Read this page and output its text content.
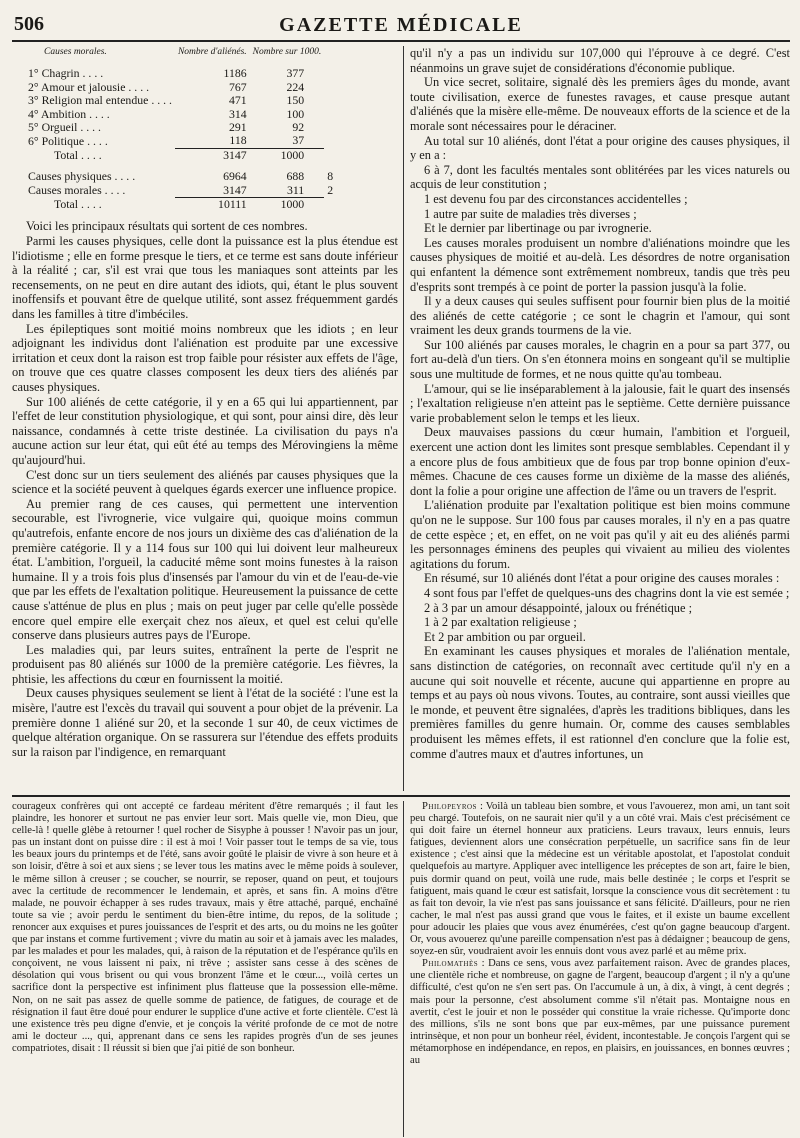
506	GAZETTE MÉDICALE
Causes morales.	Nombre d'aliénés.	Nombre sur 1000.	

1° Chagrin . . . .	1186	377	
2° Amour et jalousie . . . .	767	224	
3° Religion mal entendue . . . .	471	150	
4° Ambition . . . .	314	100	
5° Orgueil . . . .	291	92	
6° Politique . . . .	118	37	
Total . . . .	3147	1000	

Causes physiques . . . .	6964	688	8
Causes morales . . . .	3147	311	2
Total . . . .	10111	1000	

Voici les principaux résultats qui sortent de ces nombres.

Parmi les causes physiques, celle dont la puissance est la plus étendue est l'idiotisme ; elle en forme presque le tiers, et ce terme est sans doute inférieur à la réalité ; car, s'il est vrai que tous les maniaques sont atteints par les recensements, on ne peut en dire autant des idiots, qui, étant le plus souvent inoffensifs et pouvant être de quelque utilité, sont assez fréquemment gardés dans les familles à titre d'imbéciles.

Les épileptiques sont moitié moins nombreux que les idiots ; en leur adjoignant les individus dont l'aliénation est produite par une excessive irritation et ceux dont la raison est trop faible pour résister aux effets de l'âge, on trouve que ces quatre classes composent les deux tiers des aliénés par causes physiques.

Sur 100 aliénés de cette catégorie, il y en a 65 qui lui appartiennent, par l'effet de leur constitution physiologique, et qui sont, pour ainsi dire, dès leur naissance, condamnés à cette triste destinée. La civilisation du pays n'a aucune action sur leur état, qui eût été au temps des Mérovingiens la même qu'aujourd'hui.

C'est donc sur un tiers seulement des aliénés par causes physiques que la science et la société peuvent à quelques égards exercer une influence propice.

Au premier rang de ces causes, qui permettent une intervention secourable, est l'ivrognerie, vice vulgaire qui, quoique moins commun qu'autrefois, enfante encore de nos jours un dixième des cas d'aliénation de la première catégorie. Il y a 114 fous sur 100 qui lui doivent leur malheureux état. L'ambition, l'orgueil, la caducité même sont moins funestes à la raison humaine. Il y a trois fois plus d'insensés par l'amour du vin et de l'eau-de-vie que par les effets de l'exaltation politique. Heureusement la puissance de cette cause s'atténue de plus en plus ; mais on peut juger par celle qu'elle possède encore quel empire elle exerçait chez nos aïeux, et quel est celui qu'elle conserve dans plusieurs autres pays de l'Europe.

Les maladies qui, par leurs suites, entraînent la perte de l'esprit ne produisent pas 80 aliénés sur 1000 de la première catégorie. Les fièvres, la phtisie, les affections du cœur en fournissent la moitié.

Deux causes physiques seulement se lient à l'état de la société : l'une est la misère, l'autre est l'excès du travail qui souvent a pour objet de la prévenir. La première donne 1 aliéné sur 20, et la seconde 1 sur 40, de ceux victimes de quelque altération organique. On se rassurera sur l'étendue des effets produits sur la raison par l'indigence, en remarquant

qu'il n'y a pas un individu sur 107,000 qui l'éprouve à ce degré. C'est néanmoins un grave sujet de considérations d'économie publique.

Un vice secret, solitaire, signalé dès les premiers âges du monde, avant toute civilisation, exerce de funestes ravages, et cause presque autant d'aliénés que la misère elle-même. De nouveaux efforts de la science et de la morale sont nécessaires pour le déraciner.

Au total sur 10 aliénés, dont l'état a pour origine des causes physiques, il y en a :

6 à 7, dont les facultés mentales sont oblitérées par les vices naturels ou acquis de leur constitution ;

1 est devenu fou par des circonstances accidentelles ;

1 autre par suite de maladies très diverses ;

Et le dernier par libertinage ou par ivrognerie.

Les causes morales produisent un nombre d'aliénations moindre que les causes physiques de moitié et au-delà. Les désordres de notre organisation qui enfantent la démence sont extrêmement nombreux, tandis que très peu d'esprits sont trempés à ce point de porter la passion jusqu'à la folie.

Il y a deux causes qui seules suffisent pour fournir bien plus de la moitié des aliénés de cette catégorie ; ce sont le chagrin et l'amour, qui sont vraiment les deux grands tourmens de la vie.

Sur 100 aliénés par causes morales, le chagrin en a pour sa part 377, ou fort au-delà d'un tiers. On s'en étonnera moins en songeant qu'il se multiplie sous une multitude de formes, et ne nous quitte qu'au tombeau.

L'amour, qui se lie inséparablement à la jalousie, fait le quart des insensés ; l'exaltation religieuse n'en atteint pas le septième. Cette dernière puissance varie probablement selon le temps et les lieux.

Deux mauvaises passions du cœur humain, l'ambition et l'orgueil, exercent une action dont les limites sont presque semblables. Cependant il y a encore plus de fous ambitieux que de fous par trop bonne opinion d'eux-mêmes. Chacune de ces causes forme un dixième de la masse des aliénés, dont la folie a pour origine une affection de l'âme ou un travers de l'esprit.

L'aliénation produite par l'exaltation politique est bien moins commune qu'on ne le suppose. Sur 100 fous par causes morales, il n'y en a pas quatre de cette espèce ; et, en effet, on ne voit pas qu'il y ait eu des aliénés parmi les personnages éminens des peuples qui vivaient au milieu des violentes agitations du forum.

En résumé, sur 10 aliénés dont l'état a pour origine des causes morales :

4 sont fous par l'effet de quelques-uns des chagrins dont la vie est semée ;

2 à 3 par un amour désappointé, jaloux ou frénétique ;

1 à 2 par exaltation religieuse ;

Et 2 par ambition ou par orgueil.

En examinant les causes physiques et morales de l'aliénation mentale, sans distinction de catégories, on reconnaît avec certitude qu'il n'y en a aucune qui soit nouvelle et récente, aucune qui appartienne en propre au temps et au pays où nous vivons. Toutes, au contraire, sont aussi vieilles que le monde, et peuvent être signalées, d'après les traditions bibliques, dans les premières familles du genre humain. Or, comme des causes semblables produisent les mêmes effets, il est rationnel d'en conclure que la folie est, comme d'autres maux et d'autres infortunes, un

courageux confrères qui ont accepté ce fardeau méritent d'être remarqués ; il faut les plaindre, les honorer et surtout ne pas envier leur sort. Mais quelle vie, mon Dieu, que celle-là ! quelle glèbe à retourner ! quel rocher de Sisyphe à pousser ! N'avoir pas un jour, pas un instant dont on puisse dire : il est à moi ! Voir passer tout le temps de sa vie, tous les beaux jours du printemps et de l'été, sans avoir goûté le plaisir de vivre à son heure et à son loisir, d'être à soi et aux siens ; se lever tous les matins avec le même poids à soulever, le même sillon à creuser ; se coucher, se nourrir, se reposer, quand on peut, et toujours avec la certitude de recommencer le lendemain, et après, et sans fin. A moins d'être malade, ne pouvoir échapper à ses rudes travaux, mais y être attaché, parqué, enchaîné toute sa vie ; avoir perdu le sentiment du bien-être intime, du repos, de la solitude ; renoncer aux exquises et pures jouissances de l'esprit et des arts, ou du moins ne les goûter que par instans et comme furtivement ; vivre du matin au soir et à jamais avec les malades, par les malades et pour les malades, qui, à raison de la réputation et de l'espérance qu'ils en conçoivent, ne vous laissent ni paix, ni trêve ; assister sans cesse à des scènes de désolation qui vous brisent ou qui vous bronzent l'âme et le cœur..., voilà certes un sacrifice dont la perspective est infiniment plus flatteuse que la possession elle-même. Non, on ne sait pas assez de quelle somme de patience, de fatigues, de courage et de résignation il faut être doué pour endurer le supplice d'une active et forte clientèle. C'est là une existence très peu digne d'envie, et je conçois la vérité profonde de ce mot de notre ami le docteur ..., qui, apprenant dans ce sens les rapides progrès d'un de ses jeunes compatriotes, disait : Il réussit si bien que j'ai pitié de son bonheur.

Philopeyros : Voilà un tableau bien sombre, et vous l'avouerez, mon ami, un tant soit peu chargé. Toutefois, on ne saurait nier qu'il y a un côté vrai. Mais c'est précisément ce qui doit faire un éternel honneur aux praticiens. Leurs travaux, leurs ennuis, leurs fatigues, deviennent alors une consécration perpétuelle, un sacrifice sans fin de leur existence ; c'est ainsi que la médecine est un véritable apostolat, et l'apostolat conduit quelquefois au martyre. Appliquer avec intelligence les préceptes de son art, faire le bien, puis dormir quand on peut, voilà une rude, mais belle destinée ; le corps et l'esprit se fatiguent, mais quand le cœur est satisfait, lorsque la conscience vous dit secrètement : tu as fait ton devoir, la vie n'est pas sans jouissance et sans félicité. D'ailleurs, pour ne rien cacher, le mal n'est pas aussi grand que vous le faites, et il existe un baume excellent pour adoucir les plaies que vous avez énumérées, c'est qu'on gagne beaucoup d'argent. Or, vous avouerez qu'une pareille compensation n'est pas à dédaigner ; beaucoup de gens, soyez-en sûr, voudraient avoir les ennuis dont vous avez parlé et au même prix.

Philomathès : Dans ce sens, vous avez parfaitement raison. Avec de grandes places, une clientèle riche et nombreuse, on gagne de l'argent, beaucoup d'argent ; il n'y a qu'une difficulté, c'est qu'on ne s'en sert pas. On l'accumule à un, à dix, à vingt, à cent degrés ; mais pour la personne, c'est absolument comme s'il n'était pas. Montaigne nous en avertit, c'est le jouir et non le posséder qui constitue la vraie richesse. Qu'importe donc des millions, s'ils ne sont bons que par eux-mêmes, par une puissance purement intrinsèque, et non pour un bonheur réel, évident, incontestable. Je conçois l'argent qui se métamorphose en indépendance, en repos, en plaisirs, en jouissances, en bonnes œuvres ; au
